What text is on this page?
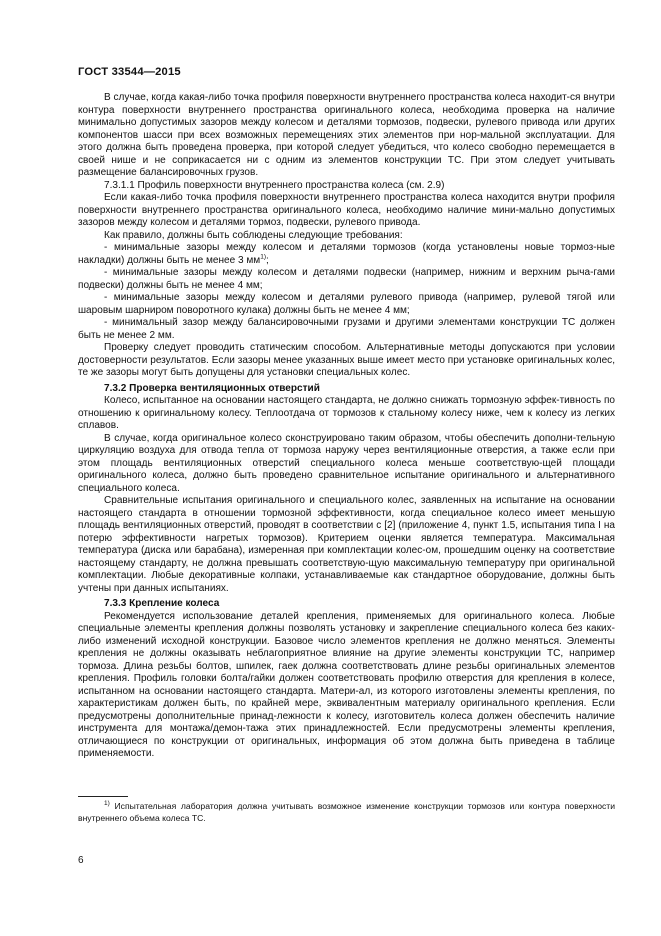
ГОСТ 33544—2015

В случае, когда какая-либо точка профиля поверхности внутреннего пространства колеса находит-ся внутри контура поверхности внутреннего пространства оригинального колеса, необходима проверка на наличие минимально допустимых зазоров между колесом и деталями тормозов, подвески, рулевого привода или других компонентов шасси при всех возможных перемещениях этих элементов при нор-мальной эксплуатации. Для этого должна быть проведена проверка, при которой следует убедиться, что колесо свободно перемещается в своей нише и не соприкасается ни с одним из элементов конструкции ТС. При этом следует учитывать размещение балансировочных грузов.

7.3.1.1 Профиль поверхности внутреннего пространства колеса (см. 2.9)

Если какая-либо точка профиля поверхности внутреннего пространства колеса находится внутри профиля поверхности внутреннего пространства оригинального колеса, необходимо наличие мини-мально допустимых зазоров между колесом и деталями тормоз, подвески, рулевого привода.

Как правило, должны быть соблюдены следующие требования:

- минимальные зазоры между колесом и деталями тормозов (когда установлены новые тормоз-ные накладки) должны быть не менее 3 $мм^{1)}$;

- минимальные зазоры между колесом и деталями подвески (например, нижним и верхним рыча-гами подвески) должны быть не менее 4 мм;

- минимальные зазоры между колесом и деталями рулевого привода (например, рулевой тягой или шаровым шарниром поворотного кулака) должны быть не менее 4 мм;

- минимальный зазор между балансировочными грузами и другими элементами конструкции ТС должен быть не менее 2 мм.

Проверку следует проводить статическим способом. Альтернативные методы допускаются при условии достоверности результатов. Если зазоры менее указанных выше имеет место при установке оригинальных колес, те же зазоры могут быть допущены для установки специальных колес.

7.3.2 Проверка вентиляционных отверстий

Колесо, испытанное на основании настоящего стандарта, не должно снижать тормозную эффек-тивность по отношению к оригинальному колесу. Теплоотдача от тормозов к стальному колесу ниже, чем к колесу из легких сплавов.

В случае, когда оригинальное колесо сконструировано таким образом, чтобы обеспечить дополни-тельную циркуляцию воздуха для отвода тепла от тормоза наружу через вентиляционные отверстия, а также если при этом площадь вентиляционных отверстий специального колеса меньше соответствую-щей площади оригинального колеса, должно быть проведено сравнительное испытание оригинального и альтернативного специального колеса.

Сравнительные испытания оригинального и специального колес, заявленных на испытание на основании настоящего стандарта в отношении тормозной эффективности, когда специальное колесо имеет меньшую площадь вентиляционных отверстий, проводят в соответствии с [2] (приложение 4, пункт 1.5, испытания типа I на потерю эффективности нагретых тормозов). Критерием оценки является температура. Максимальная температура (диска или барабана), измеренная при комплектации колес-ом, прошедшим оценку на соответствие настоящему стандарту, не должна превышать соответствую-щую максимальную температуру при оригинальной комплектации. Любые декоративные колпаки, устанавливаемые как стандартное оборудование, должны быть учтены при данных испытаниях.

7.3.3 Крепление колеса

Рекомендуется использование деталей крепления, применяемых для оригинального колеса. Любые специальные элементы крепления должны позволять установку и закрепление специального колеса без каких-либо изменений исходной конструкции. Базовое число элементов крепления не должно меняться. Элементы крепления не должны оказывать неблагоприятное влияние на другие элементы конструкции ТС, например тормоза. Длина резьбы болтов, шпилек, гаек должна соответствовать длине резьбы оригинальных элементов крепления. Профиль головки болта/гайки должен соответствовать профилю отверстия для крепления в колесе, испытанном на основании настоящего стандарта. Матери-ал, из которого изготовлены элементы крепления, по характеристикам должен быть, по крайней мере, эквивалентным материалу оригинального крепления. Если предусмотрены дополнительные принад-лежности к колесу, изготовитель колеса должен обеспечить наличие инструмента для монтажа/демон-тажа этих принадлежностей. Если предусмотрены элементы крепления, отличающиеся по конструкции от оригинальных, информация об этом должна быть приведена в таблице применяемости.

$^{1)}$ Испытательная лаборатория должна учитывать возможное изменение конструкции тормозов или контура поверхности внутреннего объема колеса ТС.

6
